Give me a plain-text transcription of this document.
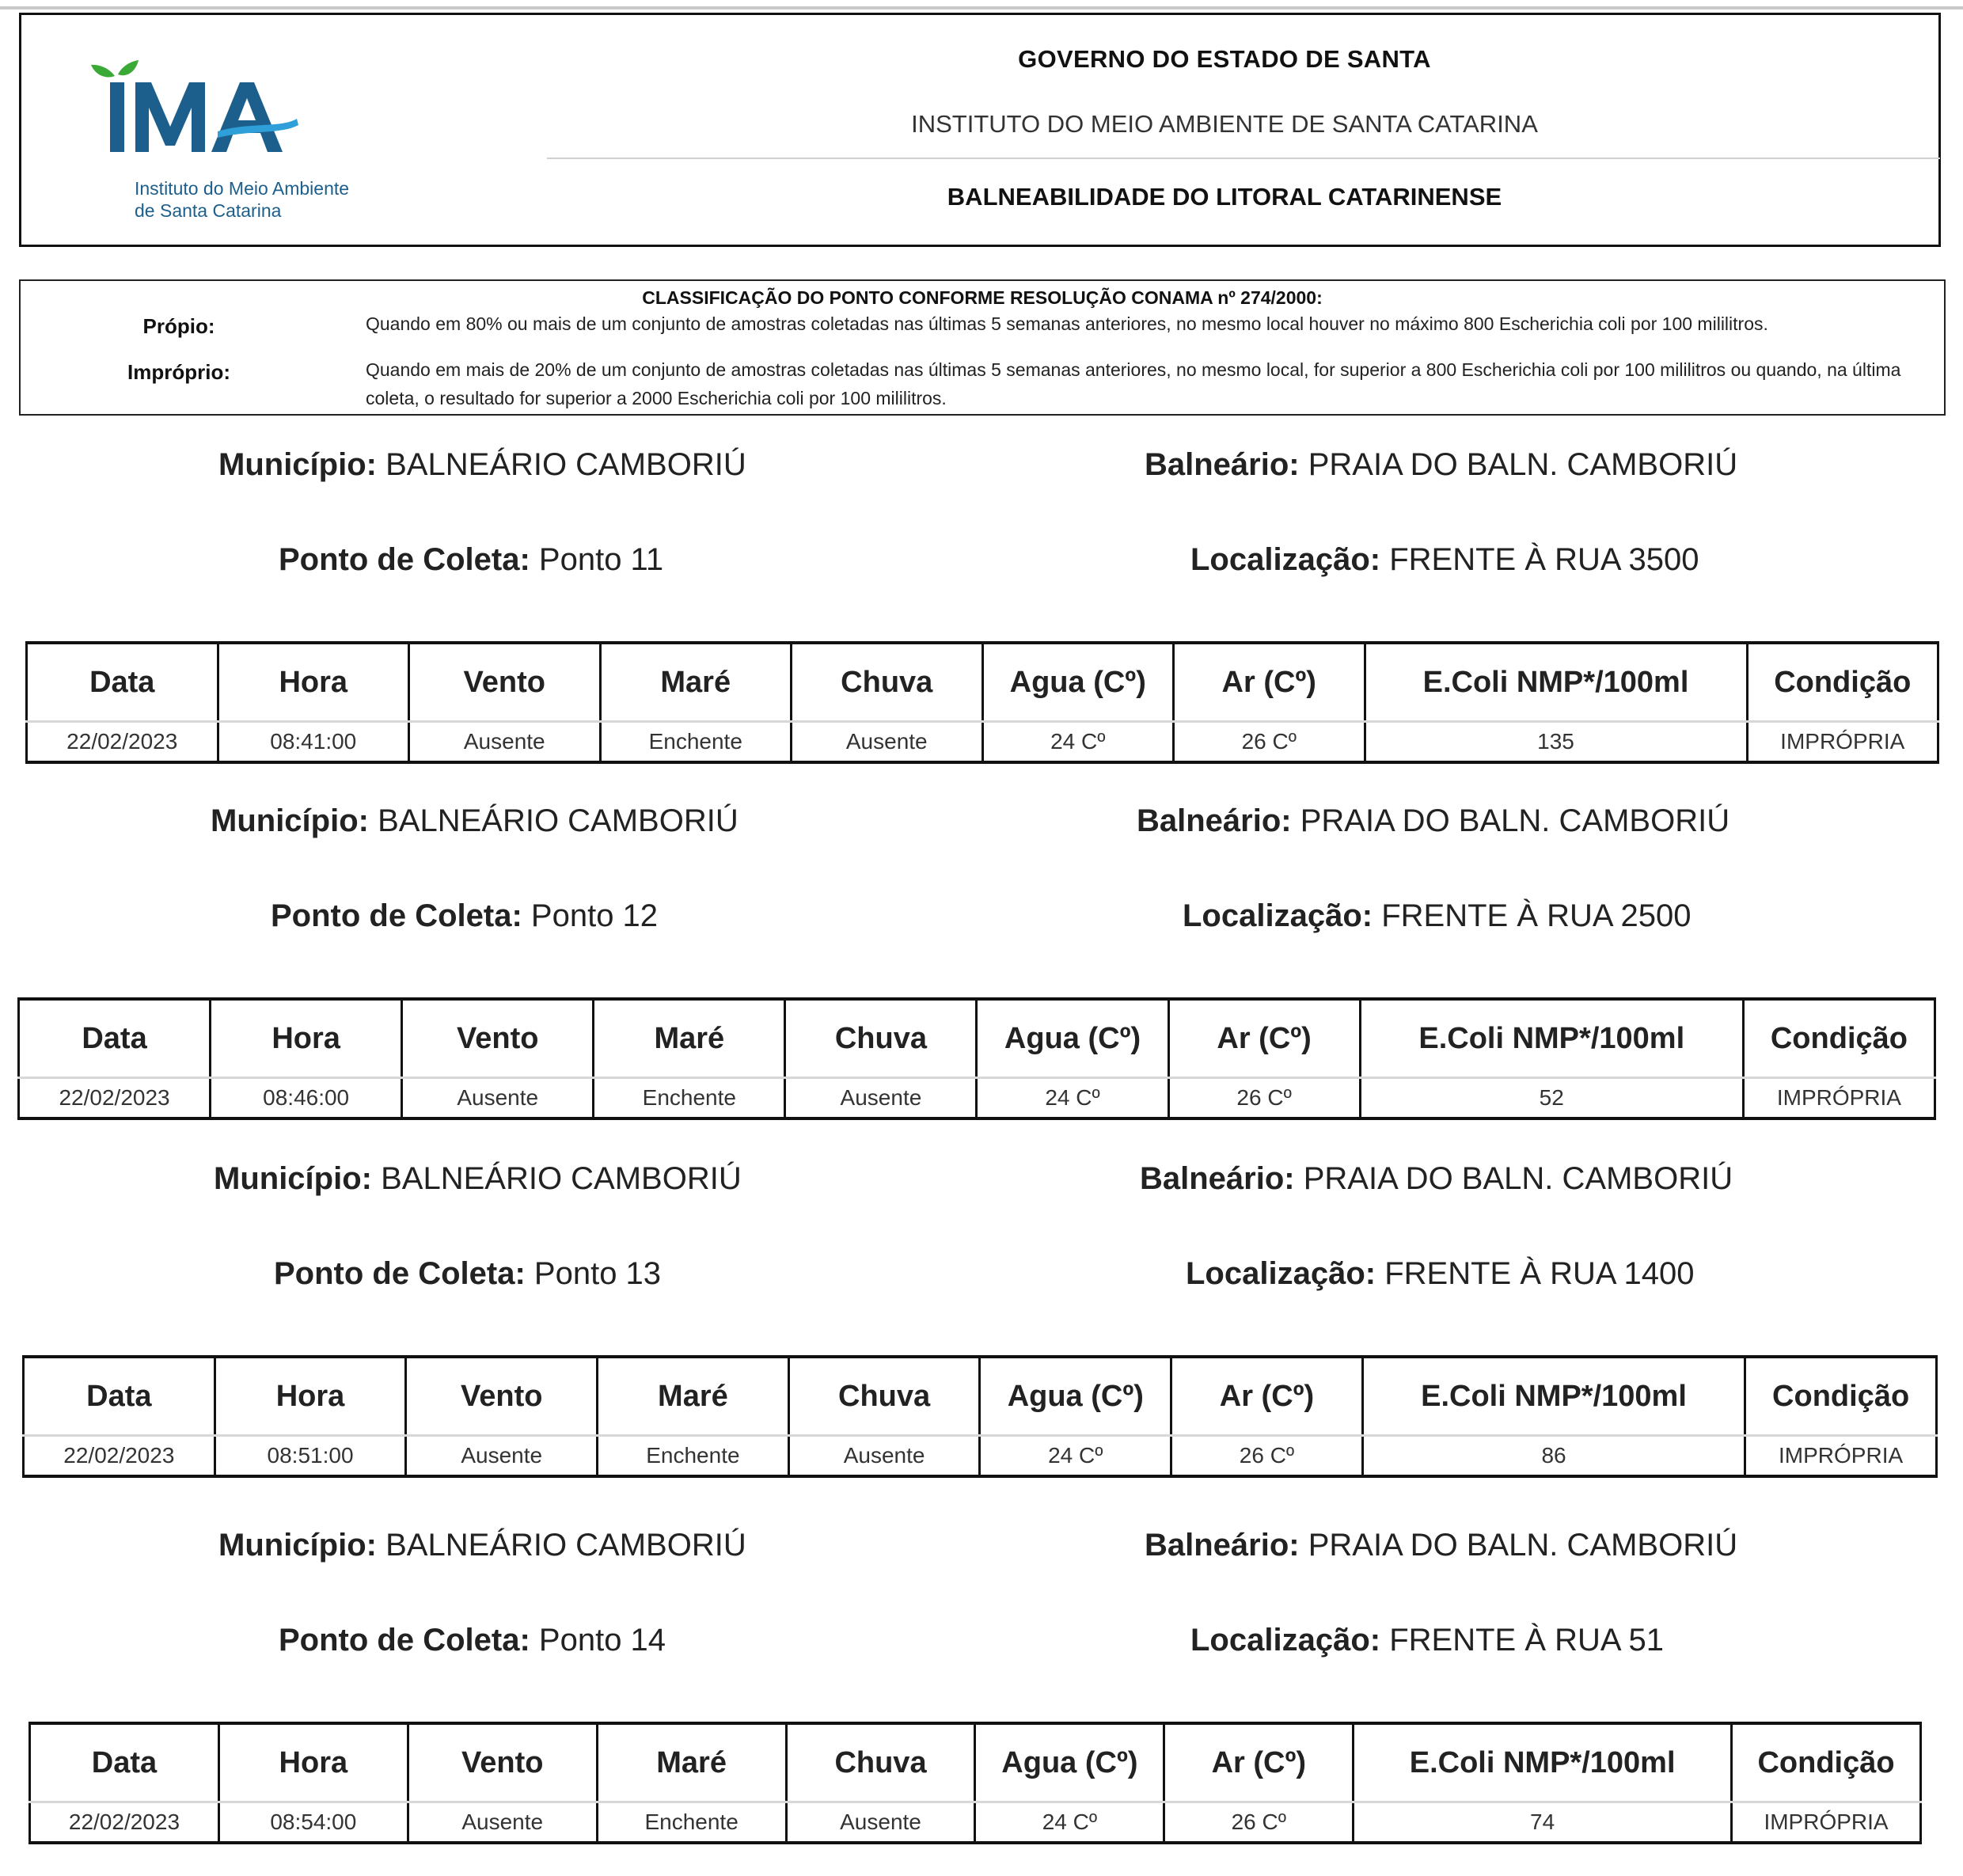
Instituto do Meio Ambiente
de Santa Catarina
GOVERNO DO ESTADO DE SANTA
INSTITUTO DO MEIO AMBIENTE DE SANTA CATARINA
BALNEABILIDADE DO LITORAL CATARINENSE
CLASSIFICAÇÃO DO PONTO CONFORME RESOLUÇÃO CONAMA nº 274/2000:
Própio:	Quando em 80% ou mais de um conjunto de amostras coletadas nas últimas 5 semanas anteriores, no mesmo local houver no máximo 800 Escherichia coli por 100 mililitros.
Impróprio:	Quando em mais de 20% de um conjunto de amostras coletadas nas últimas 5 semanas anteriores, no mesmo local, for superior a 800 Escherichia coli por 100 mililitros ou quando, na última coleta, o resultado for superior a 2000 Escherichia coli por 100 mililitros.
Município: BALNEÁRIO CAMBORIÚ	Balneário: PRAIA DO BALN. CAMBORIÚ
Ponto de Coleta: Ponto 11	Localização: FRENTE À RUA 3500
Data	Hora	Vento	Maré	Chuva	Agua (Cº)	Ar (Cº)	E.Coli NMP*/100ml	Condição
22/02/2023	08:41:00	Ausente	Enchente	Ausente	24 Cº	26 Cº	135	IMPRÓPRIA
Município: BALNEÁRIO CAMBORIÚ	Balneário: PRAIA DO BALN. CAMBORIÚ
Ponto de Coleta: Ponto 12	Localização: FRENTE À RUA 2500
Data	Hora	Vento	Maré	Chuva	Agua (Cº)	Ar (Cº)	E.Coli NMP*/100ml	Condição
22/02/2023	08:46:00	Ausente	Enchente	Ausente	24 Cº	26 Cº	52	IMPRÓPRIA
Município: BALNEÁRIO CAMBORIÚ	Balneário: PRAIA DO BALN. CAMBORIÚ
Ponto de Coleta: Ponto 13	Localização: FRENTE À RUA 1400
Data	Hora	Vento	Maré	Chuva	Agua (Cº)	Ar (Cº)	E.Coli NMP*/100ml	Condição
22/02/2023	08:51:00	Ausente	Enchente	Ausente	24 Cº	26 Cº	86	IMPRÓPRIA
Município: BALNEÁRIO CAMBORIÚ	Balneário: PRAIA DO BALN. CAMBORIÚ
Ponto de Coleta: Ponto 14	Localização: FRENTE À RUA 51
Data	Hora	Vento	Maré	Chuva	Agua (Cº)	Ar (Cº)	E.Coli NMP*/100ml	Condição
22/02/2023	08:54:00	Ausente	Enchente	Ausente	24 Cº	26 Cº	74	IMPRÓPRIA
